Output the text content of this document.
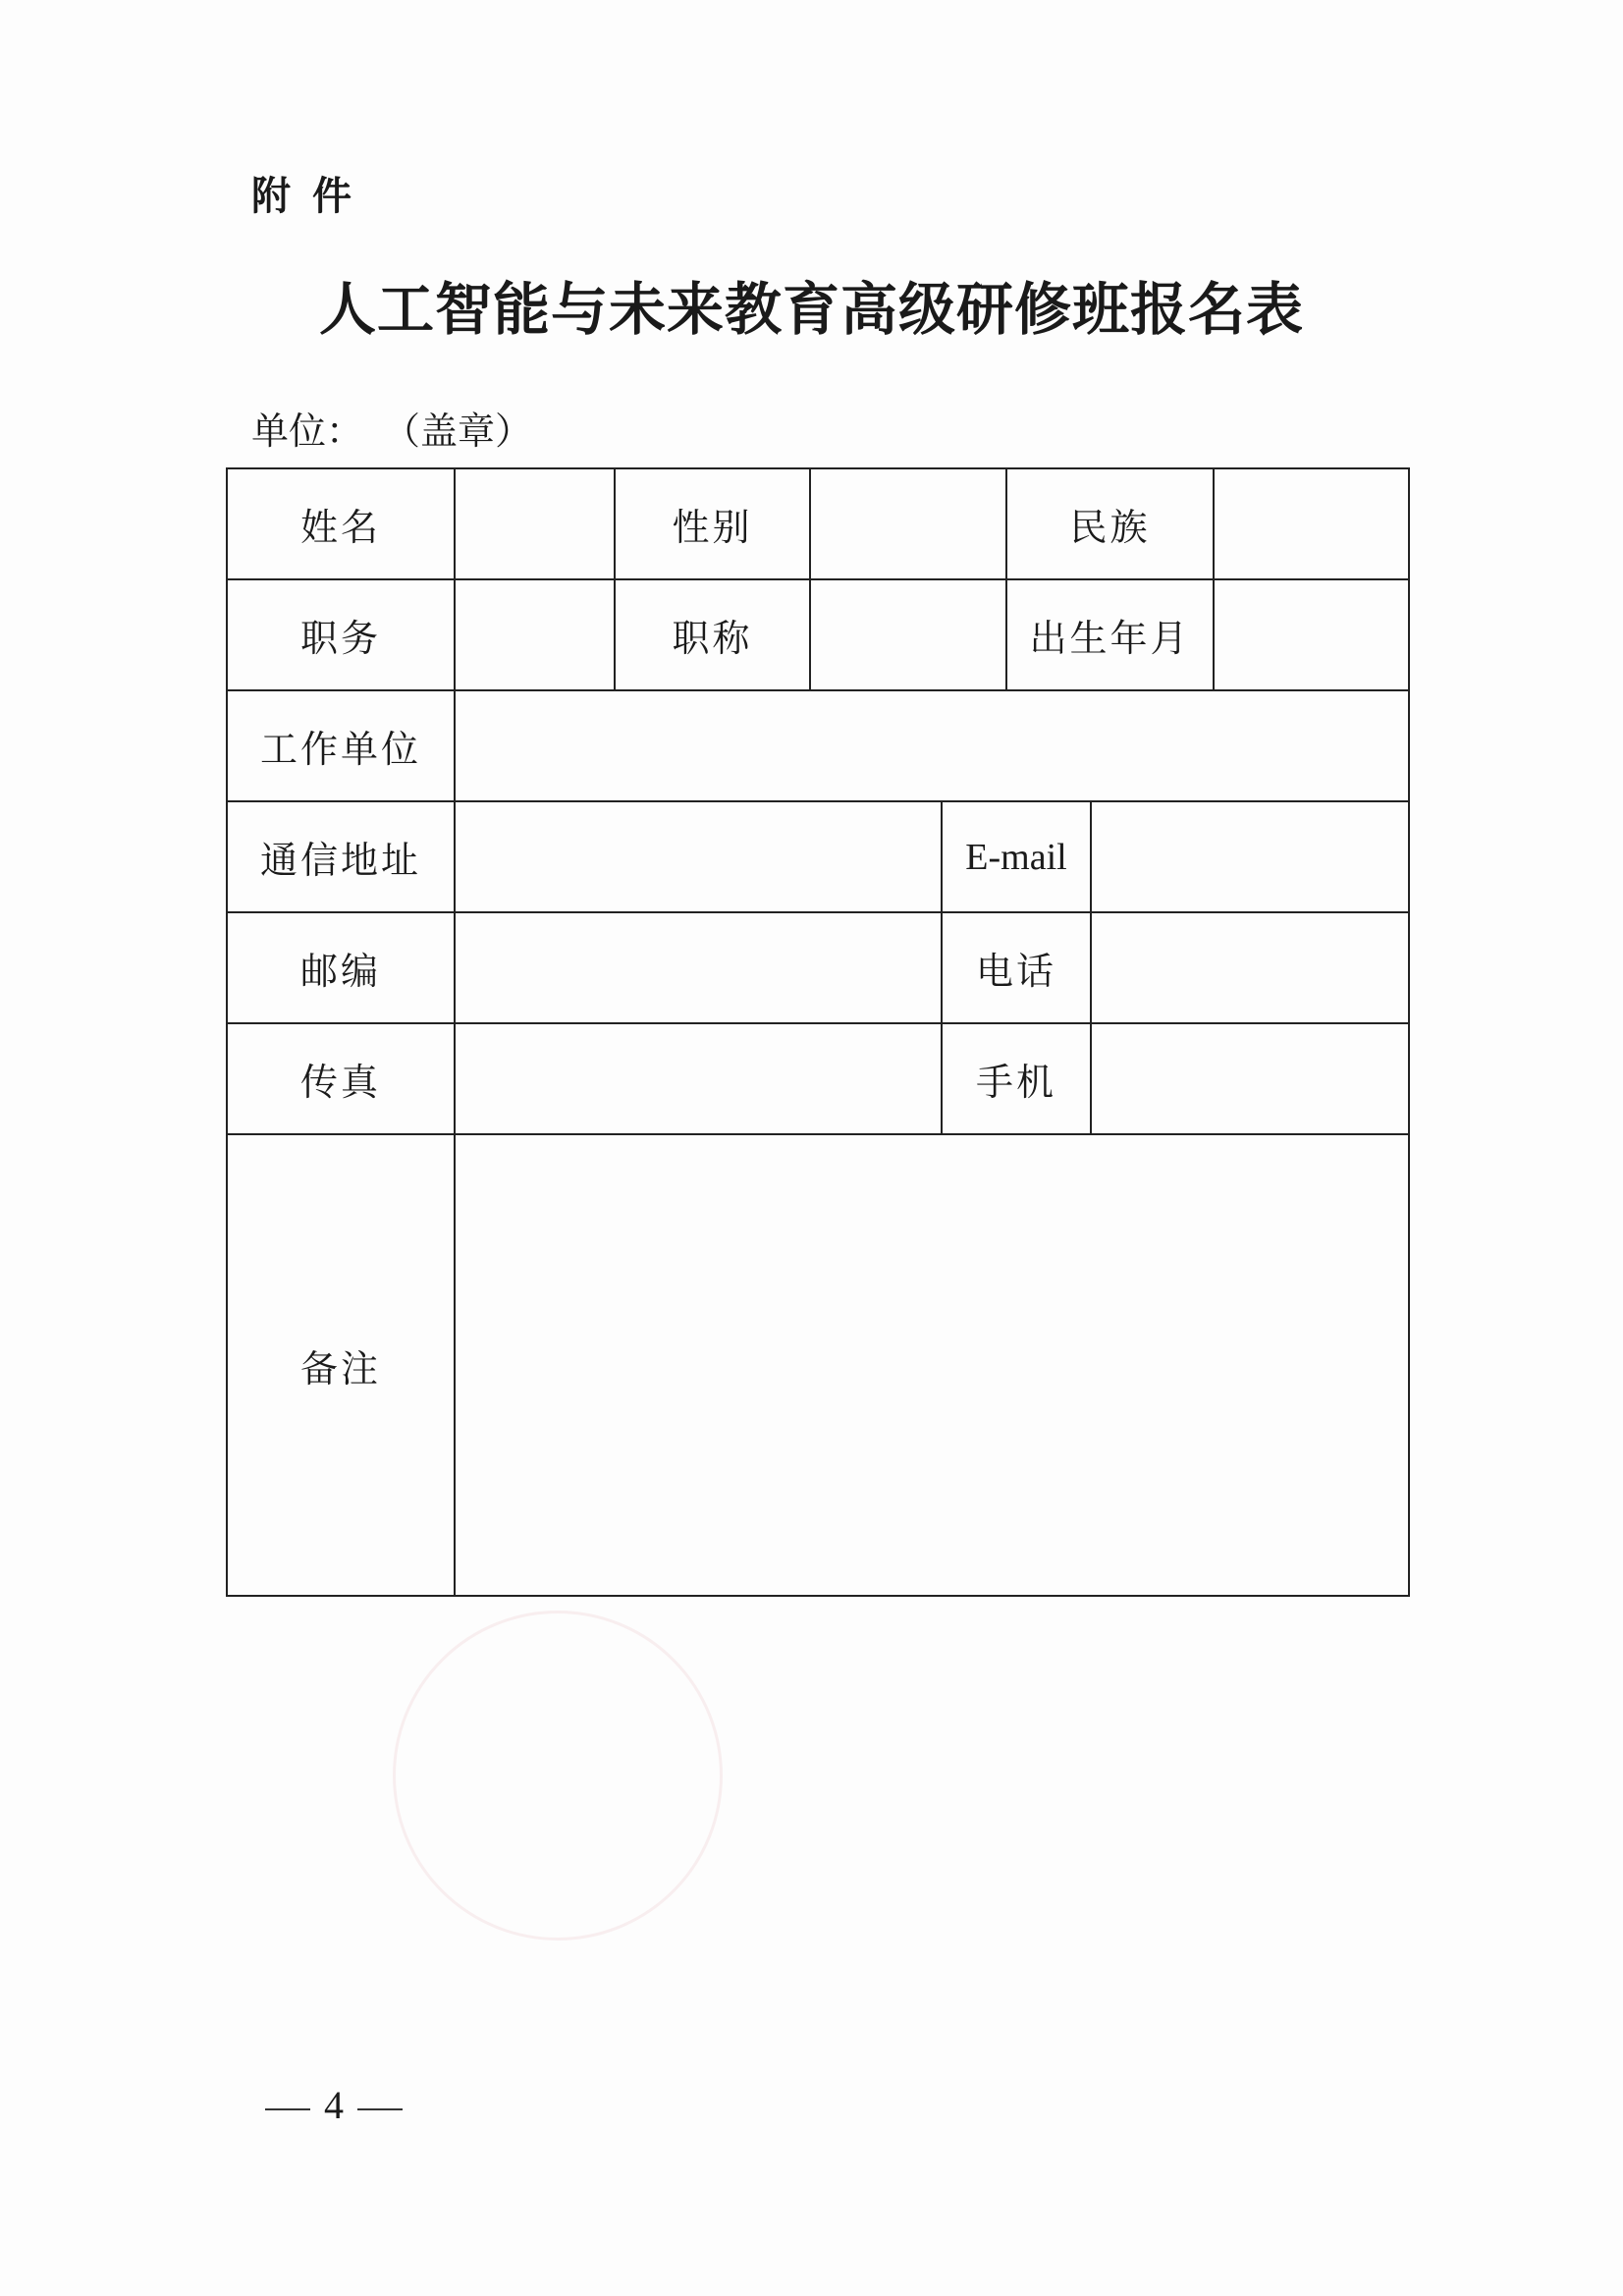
附件
人工智能与未来教育高级研修班报名表
单位： （盖章）
姓名	性别	民族
职务	职称	出生年月
工作单位
通信地址	E-mail
邮编	电话
传真	手机
备注
4
